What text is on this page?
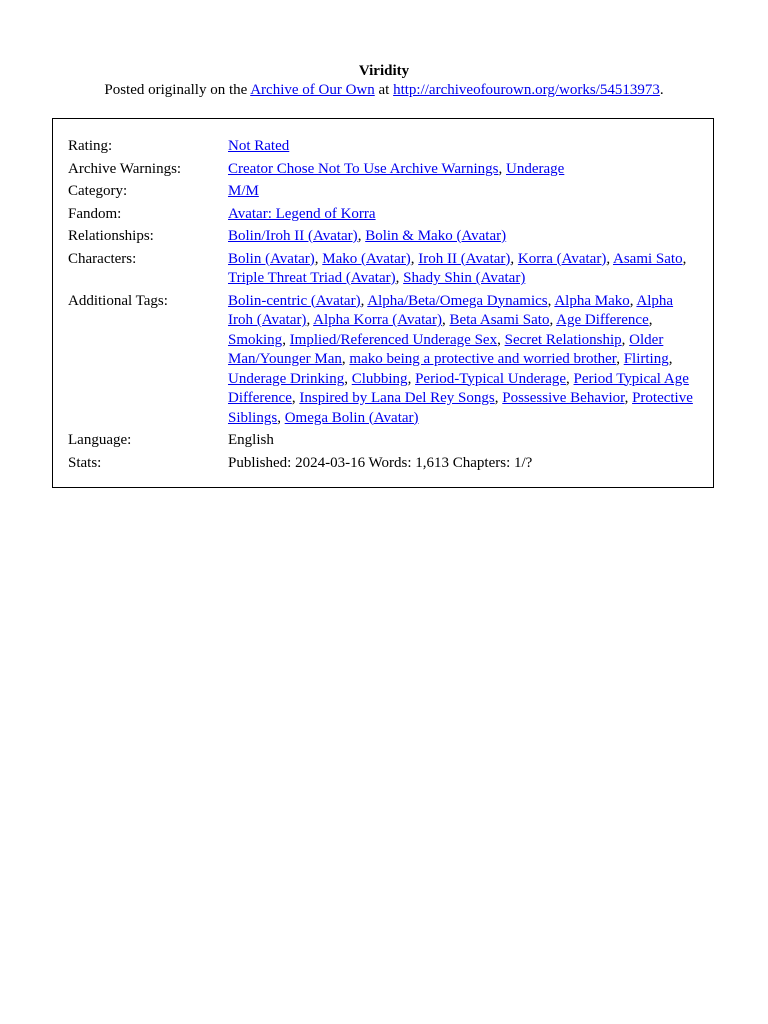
Viridity
Posted originally on the Archive of Our Own at http://archiveofourown.org/works/54513973.
Rating:	Not Rated
Archive Warnings:	Creator Chose Not To Use Archive Warnings, Underage
Category:	M/M
Fandom:	Avatar: Legend of Korra
Relationships:	Bolin/Iroh II (Avatar), Bolin & Mako (Avatar)
Characters:	Bolin (Avatar), Mako (Avatar), Iroh II (Avatar), Korra (Avatar), Asami Sato, Triple Threat Triad (Avatar), Shady Shin (Avatar)
Additional Tags:	Bolin-centric (Avatar), Alpha/Beta/Omega Dynamics, Alpha Mako, Alpha Iroh (Avatar), Alpha Korra (Avatar), Beta Asami Sato, Age Difference, Smoking, Implied/Referenced Underage Sex, Secret Relationship, Older Man/Younger Man, mako being a protective and worried brother, Flirting, Underage Drinking, Clubbing, Period-Typical Underage, Period Typical Age Difference, Inspired by Lana Del Rey Songs, Possessive Behavior, Protective Siblings, Omega Bolin (Avatar)
Language:	English
Stats:	Published: 2024-03-16 Words: 1,613 Chapters: 1/?
